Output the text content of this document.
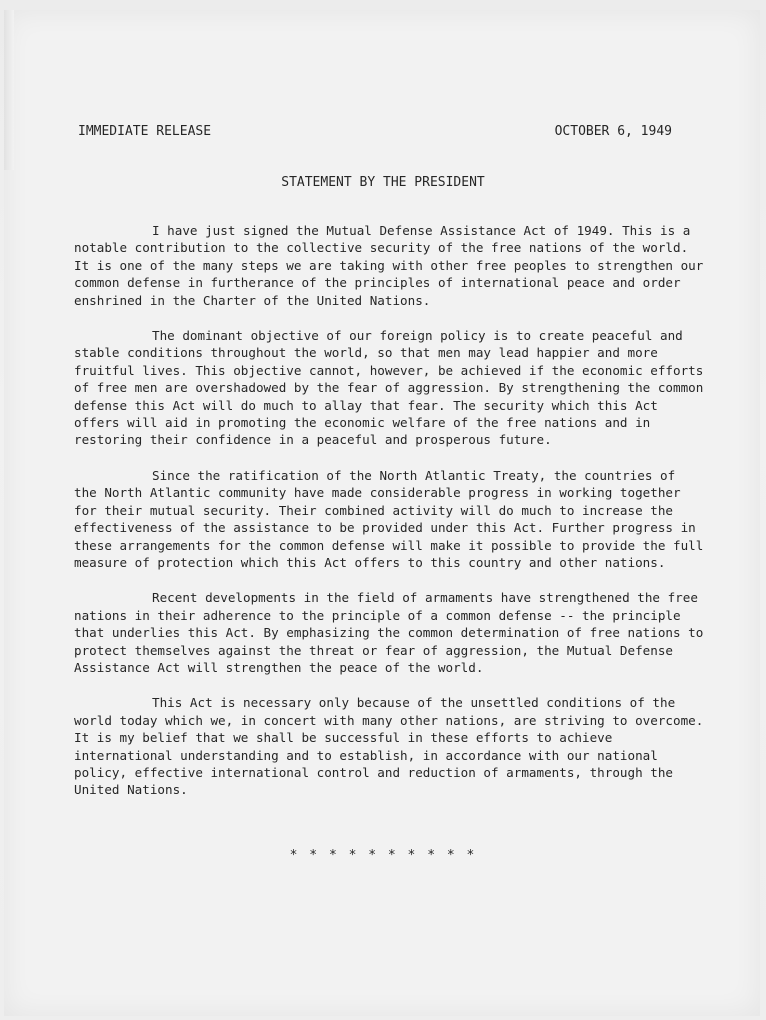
IMMEDIATE RELEASE	OCTOBER 6, 1949
STATEMENT BY THE PRESIDENT

I have just signed the Mutual Defense Assistance Act of 1949. This is a notable contribution to the collective security of the free nations of the world. It is one of the many steps we are taking with other free peoples to strengthen our common defense in furtherance of the principles of international peace and order enshrined in the Charter of the United Nations.

The dominant objective of our foreign policy is to create peaceful and stable conditions throughout the world, so that men may lead happier and more fruitful lives. This objective cannot, however, be achieved if the economic efforts of free men are overshadowed by the fear of aggression. By strengthening the common defense this Act will do much to allay that fear. The security which this Act offers will aid in promoting the economic welfare of the free nations and in restoring their confidence in a peaceful and prosperous future.

Since the ratification of the North Atlantic Treaty, the countries of the North Atlantic community have made considerable progress in working together for their mutual security. Their combined activity will do much to increase the effectiveness of the assistance to be provided under this Act. Further progress in these arrangements for the common defense will make it possible to provide the full measure of protection which this Act offers to this country and other nations.

Recent developments in the field of armaments have strengthened the free nations in their adherence to the principle of a common defense -- the principle that underlies this Act. By emphasizing the common determination of free nations to protect themselves against the threat or fear of aggression, the Mutual Defense Assistance Act will strengthen the peace of the world.

This Act is necessary only because of the unsettled conditions of the world today which we, in concert with many other nations, are striving to overcome. It is my belief that we shall be successful in these efforts to achieve international understanding and to establish, in accordance with our national policy, effective international control and reduction of armaments, through the United Nations.

* * * * * * * * * *
